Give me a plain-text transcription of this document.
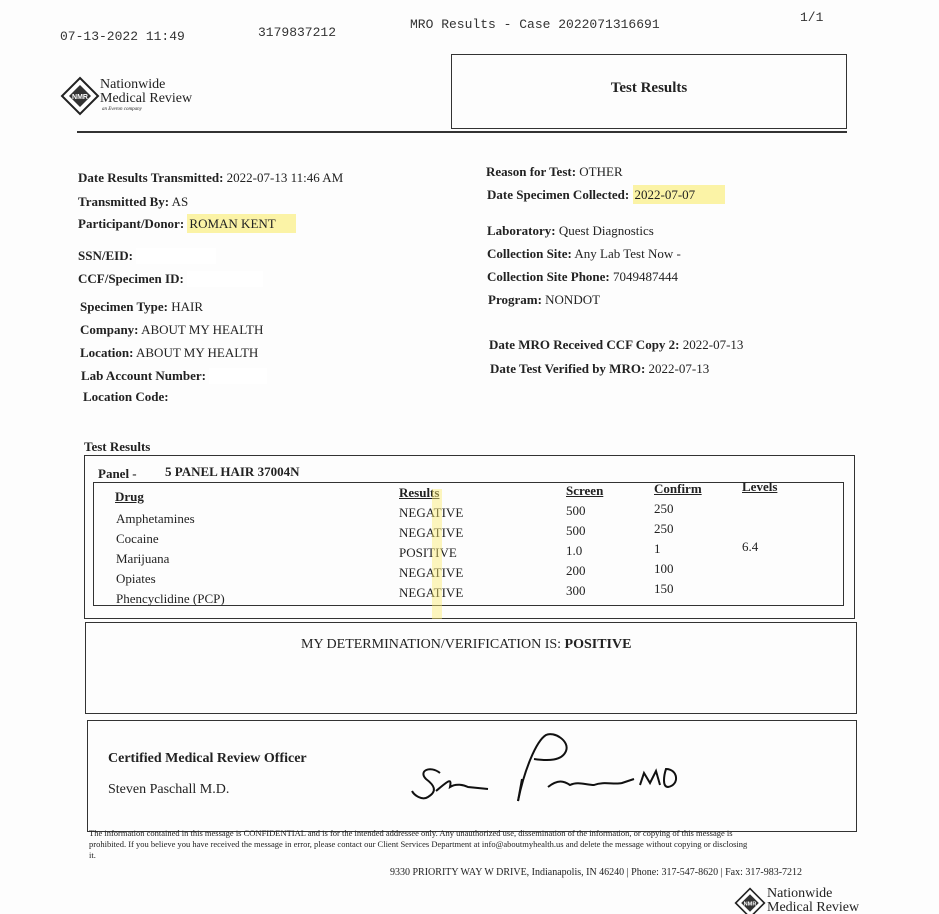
07-13-2022 11:49	3179837212
MRO Results - Case 2022071316691	1/1
NMR
Nationwide
Medical Review
an Everon company
Test Results
Date Results Transmitted: 2022-07-13 11:46 AM
Transmitted By: AS
Participant/Donor: ROMAN KENT
SSN/EID:
CCF/Specimen ID:
Specimen Type: HAIR
Company: ABOUT MY HEALTH
Location: ABOUT MY HEALTH
Lab Account Number:
Location Code:
Reason for Test: OTHER
Date Specimen Collected: 2022-07-07
Laboratory: Quest Diagnostics
Collection Site: Any Lab Test Now -
Collection Site Phone: 7049487444
Program: NONDOT
Date MRO Received CCF Copy 2: 2022-07-13
Date Test Verified by MRO: 2022-07-13
Test Results
Panel - 5 PANEL HAIR 37004N
Drug	Results	Screen	Confirm	Levels
Amphetamines	NEGATIVE	500	250
Cocaine	NEGATIVE	500	250
Marijuana	POSITIVE	1.0	1	6.4
Opiates	NEGATIVE	200	100
Phencyclidine (PCP)	NEGATIVE	300	150
MY DETERMINATION/VERIFICATION IS: POSITIVE
Certified Medical Review Officer
Steven Paschall M.D.
The information contained in this message is CONFIDENTIAL and is for the intended addressee only. Any unauthorized use, dissemination of the information, or copying of this message is
prohibited. If you believe you have received the message in error, please contact our Client Services Department at info@aboutmyhealth.us and delete the message without copying or disclosing
it.
9330 PRIORITY WAY W DRIVE, Indianapolis, IN 46240 | Phone: 317-547-8620 | Fax: 317-983-7212
NMR
Nationwide
Medical Review
